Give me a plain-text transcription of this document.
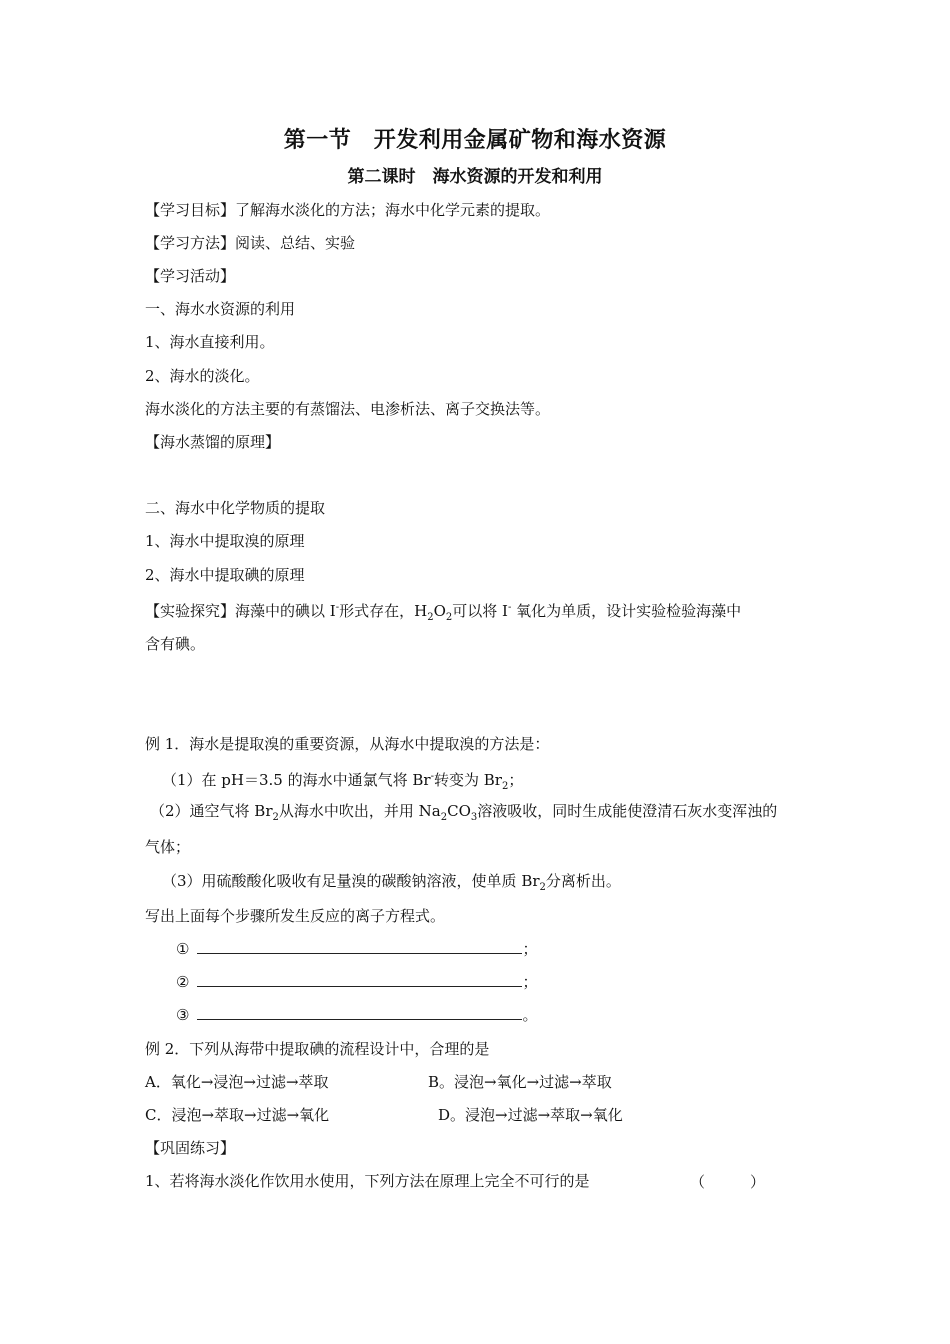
第一节　开发利用金属矿物和海水资源
第二课时　海水资源的开发和利用
【学习目标】了解海水淡化的方法；海水中化学元素的提取。
【学习方法】阅读、总结、实验
【学习活动】
一、海水水资源的利用
1、海水直接利用。
2、海水的淡化。
海水淡化的方法主要的有蒸馏法、电渗析法、离子交换法等。
【海水蒸馏的原理】
二、海水中化学物质的提取
1、海水中提取溴的原理
2、海水中提取碘的原理
【实验探究】海藻中的碘以 I-形式存在，$H_2O_2$可以将 I- 氧化为单质，设计实验检验海藻中
含有碘。
例 1．海水是提取溴的重要资源，从海水中提取溴的方法是：
（1）在 pH＝3.5 的海水中通氯气将 Br-转变为 $Br_2$；
（2）通空气将 $Br_2$从海水中吹出，并用 $Na_2CO_3$溶液吸收，同时生成能使澄清石灰水变浑浊的
气体；
（3）用硫酸酸化吸收有足量溴的碳酸钠溶液，使单质 $Br_2$分离析出。
写出上面每个步骤所发生反应的离子方程式。
①	；
②	；
③	。
例 2．下列从海带中提取碘的流程设计中，合理的是
A．氧化→浸泡→过滤→萃取	B。浸泡→氧化→过滤→萃取
C．浸泡→萃取→过滤→氧化	D。浸泡→过滤→萃取→氧化
【巩固练习】
1、若将海水淡化作饮用水使用，下列方法在原理上完全不可行的是	（　　　）
